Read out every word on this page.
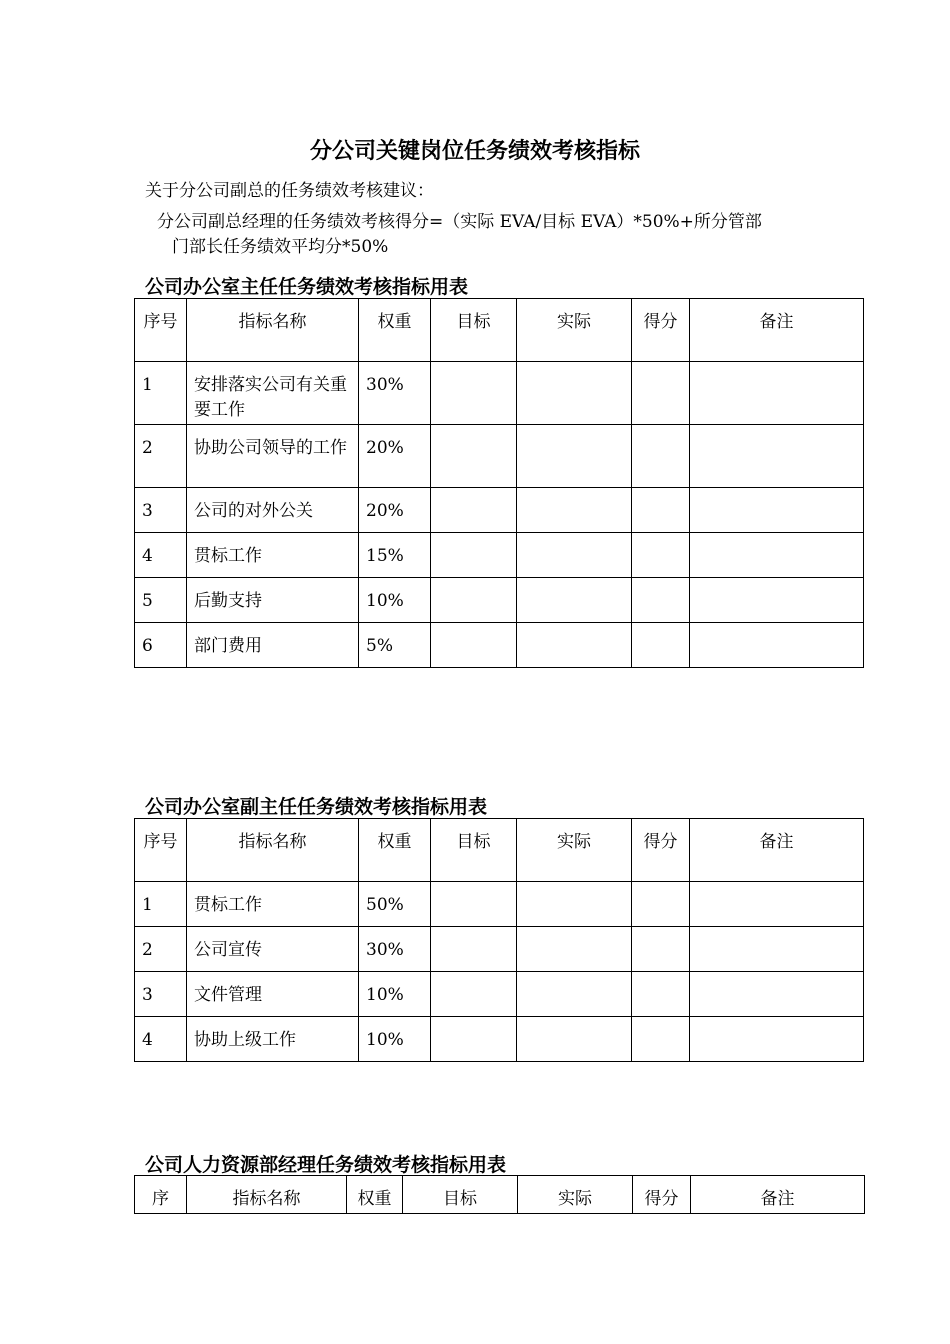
分公司关键岗位任务绩效考核指标
关于分公司副总的任务绩效考核建议：
分公司副总经理的任务绩效考核得分=（实际 EVA/目标 EVA）*50%+所分管部
门部长任务绩效平均分*50%
公司办公室主任任务绩效考核指标用表
序号	指标名称	权重	目标	实际	得分	备注
1	安排落实公司有关重要工作	30%				
2	协助公司领导的工作	20%				
3	公司的对外公关	20%				
4	贯标工作	15%				
5	后勤支持	10%				
6	部门费用	5%				
公司办公室副主任任务绩效考核指标用表
序号	指标名称	权重	目标	实际	得分	备注
1	贯标工作	50%				
2	公司宣传	30%				
3	文件管理	10%				
4	协助上级工作	10%				
公司人力资源部经理任务绩效考核指标用表
序	指标名称	权重	目标	实际	得分	备注
